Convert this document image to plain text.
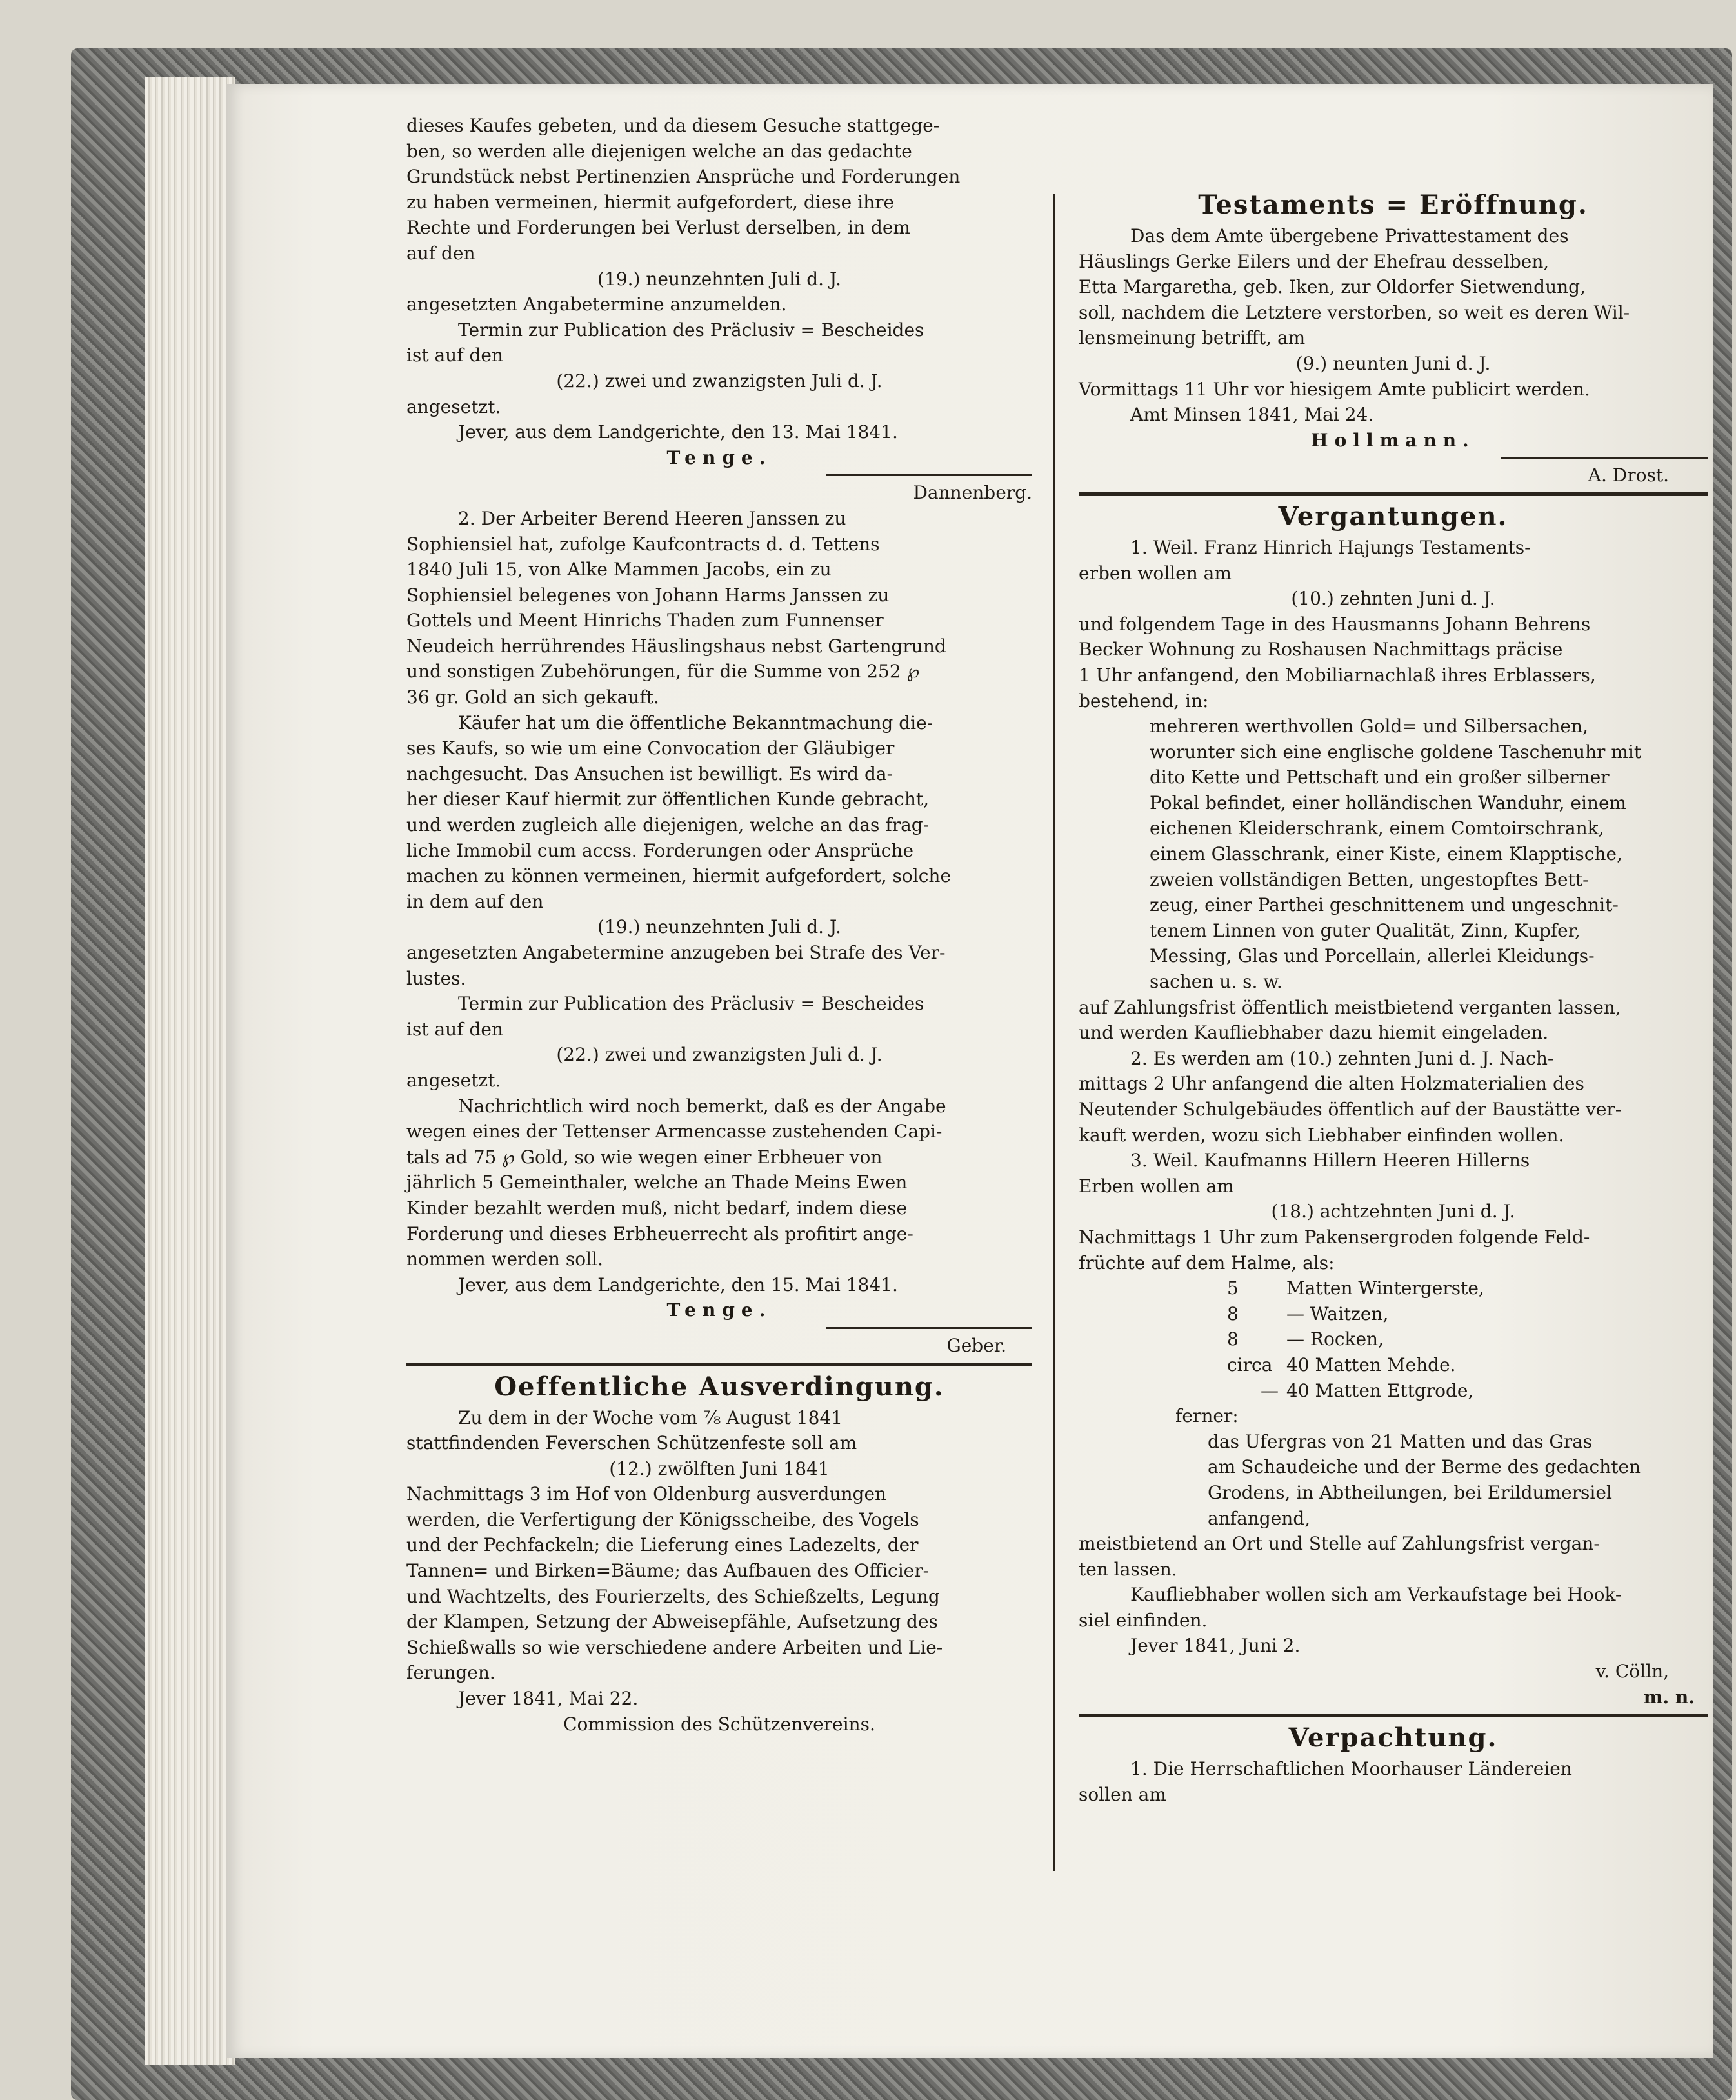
dieses Kaufes gebeten, und da diesem Gesuche stattgege-

ben, so werden alle diejenigen welche an das gedachte

Grundstück nebst Pertinenzien Ansprüche und Forderungen

zu haben vermeinen, hiermit aufgefordert, diese ihre

Rechte und Forderungen bei Verlust derselben, in dem

auf den

(19.) neunzehnten Juli d. J.

angesetzten Angabetermine anzumelden.

Termin zur Publication des Präclusiv = Bescheides

ist auf den

(22.) zwei und zwanzigsten Juli d. J.

angesetzt.

Jever, aus dem Landgerichte, den 13. Mai 1841.

Tenge.

Dannenberg.

2. Der Arbeiter Berend Heeren Janssen zu

Sophiensiel hat, zufolge Kaufcontracts d. d. Tettens

1840 Juli 15, von Alke Mammen Jacobs, ein zu

Sophiensiel belegenes von Johann Harms Janssen zu

Gottels und Meent Hinrichs Thaden zum Funnenser

Neudeich herrührendes Häuslingshaus nebst Gartengrund

und sonstigen Zubehörungen, für die Summe von 252 ℘

36 gr. Gold an sich gekauft.

Käufer hat um die öffentliche Bekanntmachung die-

ses Kaufs, so wie um eine Convocation der Gläubiger

nachgesucht. Das Ansuchen ist bewilligt. Es wird da-

her dieser Kauf hiermit zur öffentlichen Kunde gebracht,

und werden zugleich alle diejenigen, welche an das frag-

liche Immobil cum accss. Forderungen oder Ansprüche

machen zu können vermeinen, hiermit aufgefordert, solche

in dem auf den

(19.) neunzehnten Juli d. J.

angesetzten Angabetermine anzugeben bei Strafe des Ver-

lustes.

Termin zur Publication des Präclusiv = Bescheides

ist auf den

(22.) zwei und zwanzigsten Juli d. J.

angesetzt.

Nachrichtlich wird noch bemerkt, daß es der Angabe

wegen eines der Tettenser Armencasse zustehenden Capi-

tals ad 75 ℘ Gold, so wie wegen einer Erbheuer von

jährlich 5 Gemeinthaler, welche an Thade Meins Ewen

Kinder bezahlt werden muß, nicht bedarf, indem diese

Forderung und dieses Erbheuerrecht als profitirt ange-

nommen werden soll.

Jever, aus dem Landgerichte, den 15. Mai 1841.

Tenge.

Geber.

Oeffentliche Ausverdingung.

Zu dem in der Woche vom ⁷⁄₈ August 1841

stattfindenden Feverschen Schützenfeste soll am

(12.) zwölften Juni 1841

Nachmittags 3 im Hof von Oldenburg ausverdungen

werden, die Verfertigung der Königsscheibe, des Vogels

und der Pechfackeln; die Lieferung eines Ladezelts, der

Tannen= und Birken=Bäume; das Aufbauen des Officier-

und Wachtzelts, des Fourierzelts, des Schießzelts, Legung

der Klampen, Setzung der Abweisepfähle, Aufsetzung des

Schießwalls so wie verschiedene andere Arbeiten und Lie-

ferungen.

Jever 1841, Mai 22.

Commission des Schützenvereins.

Testaments = Eröffnung.

Das dem Amte übergebene Privattestament des

Häuslings Gerke Eilers und der Ehefrau desselben,

Etta Margaretha, geb. Iken, zur Oldorfer Sietwendung,

soll, nachdem die Letztere verstorben, so weit es deren Wil-

lensmeinung betrifft, am

(9.) neunten Juni d. J.

Vormittags 11 Uhr vor hiesigem Amte publicirt werden.

Amt Minsen 1841, Mai 24.

Hollmann.

A. Drost.

Vergantungen.

1. Weil. Franz Hinrich Hajungs Testaments-

erben wollen am

(10.) zehnten Juni d. J.

und folgendem Tage in des Hausmanns Johann Behrens

Becker Wohnung zu Roshausen Nachmittags präcise

1 Uhr anfangend, den Mobiliarnachlaß ihres Erblassers,

bestehend, in:

mehreren werthvollen Gold= und Silbersachen,

worunter sich eine englische goldene Taschenuhr mit

dito Kette und Pettschaft und ein großer silberner

Pokal befindet, einer holländischen Wanduhr, einem

eichenen Kleiderschrank, einem Comtoirschrank,

einem Glasschrank, einer Kiste, einem Klapptische,

zweien vollständigen Betten, ungestopftes Bett-

zeug, einer Parthei geschnittenem und ungeschnit-

tenem Linnen von guter Qualität, Zinn, Kupfer,

Messing, Glas und Porcellain, allerlei Kleidungs-

sachen u. s. w.

auf Zahlungsfrist öffentlich meistbietend verganten lassen,

und werden Kaufliebhaber dazu hiemit eingeladen.

2. Es werden am (10.) zehnten Juni d. J. Nach-

mittags 2 Uhr anfangend die alten Holzmaterialien des

Neutender Schulgebäudes öffentlich auf der Baustätte ver-

kauft werden, wozu sich Liebhaber einfinden wollen.

3. Weil. Kaufmanns Hillern Heeren Hillerns

Erben wollen am

(18.) achtzehnten Juni d. J.

Nachmittags 1 Uhr zum Pakensergroden folgende Feld-

früchte auf dem Halme, als:

5	Matten Wintergerste,
8	— Waitzen,
8	— Rocken,
circa 40 Matten Mehde.
— 40 Matten Ettgrode,

ferner:

das Ufergras von 21 Matten und das Gras

am Schaudeiche und der Berme des gedachten

Grodens, in Abtheilungen, bei Erildumersiel

anfangend,

meistbietend an Ort und Stelle auf Zahlungsfrist vergan-

ten lassen.

Kaufliebhaber wollen sich am Verkaufstage bei Hook-

siel einfinden.

Jever 1841, Juni 2.

v. Cölln,

m. n.

Verpachtung.

1. Die Herrschaftlichen Moorhauser Ländereien

sollen am
